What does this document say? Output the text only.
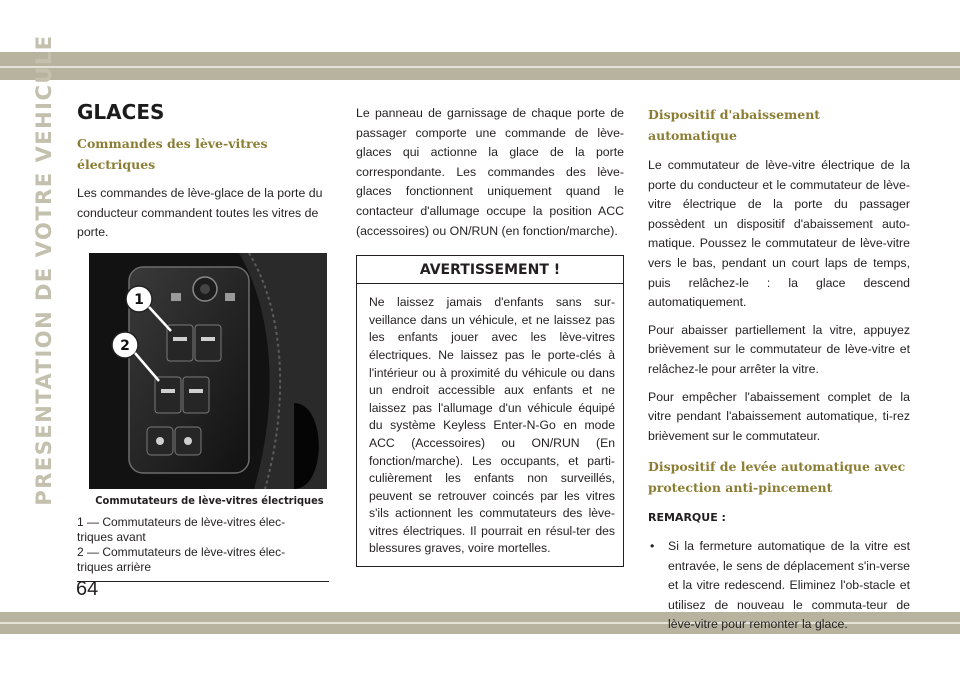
PRESENTATION DE VOTRE VEHICULE GLACES
Commandes des lève-vitres électriques

Les commandes de lève-glace de la porte du conducteur commandent toutes les vitres de porte.

1
2
Commutateurs de lève-vitres électriques
1 — Commutateurs de lève-vitres élec-
triques avant
2 — Commutateurs de lève-vitres élec-
triques arrière

Le panneau de garnissage de chaque porte de passager comporte une commande de lève-glaces qui actionne la glace de la porte correspondante. Les commandes des lève-glaces fonctionnent uniquement quand le contacteur d'allumage occupe la position ACC (accessoires) ou ON/RUN (en fonction/marche).

AVERTISSEMENT !
Ne laissez jamais d'enfants sans sur-veillance dans un véhicule, et ne laissez pas les enfants jouer avec les lève-vitres électriques. Ne laissez pas le porte-clés à l'intérieur ou à proximité du véhicule ou dans un endroit accessible aux enfants et ne laissez pas l'allumage d'un véhicule équipé du système Keyless Enter-N-Go en mode ACC (Accessoires) ou ON/RUN (En fonction/marche). Les occupants, et parti-culièrement les enfants non surveillés, peuvent se retrouver coincés par les vitres s'ils actionnent les commutateurs des lève-vitres électriques. Il pourrait en résul-ter des blessures graves, voire mortelles.
Dispositif d'abaissement automatique

Le commutateur de lève-vitre électrique de la porte du conducteur et le commutateur de lève-vitre électrique de la porte du passager possèdent un dispositif d'abaissement auto-matique. Poussez le commutateur de lève-vitre vers le bas, pendant un court laps de temps, puis relâchez-le : la glace descend automatiquement.

Pour abaisser partiellement la vitre, appuyez brièvement sur le commutateur de lève-vitre et relâchez-le pour arrêter la vitre.

Pour empêcher l'abaissement complet de la vitre pendant l'abaissement automatique, ti-rez brièvement sur le commutateur.

Dispositif de levée automatique avec protection anti-pincement

REMARQUE :

• Si la fermeture automatique de la vitre est entravée, le sens de déplacement s'in-verse et la vitre redescend. Eliminez l'ob-stacle et utilisez de nouveau le commuta-teur de lève-vitre pour remonter la glace.

64
